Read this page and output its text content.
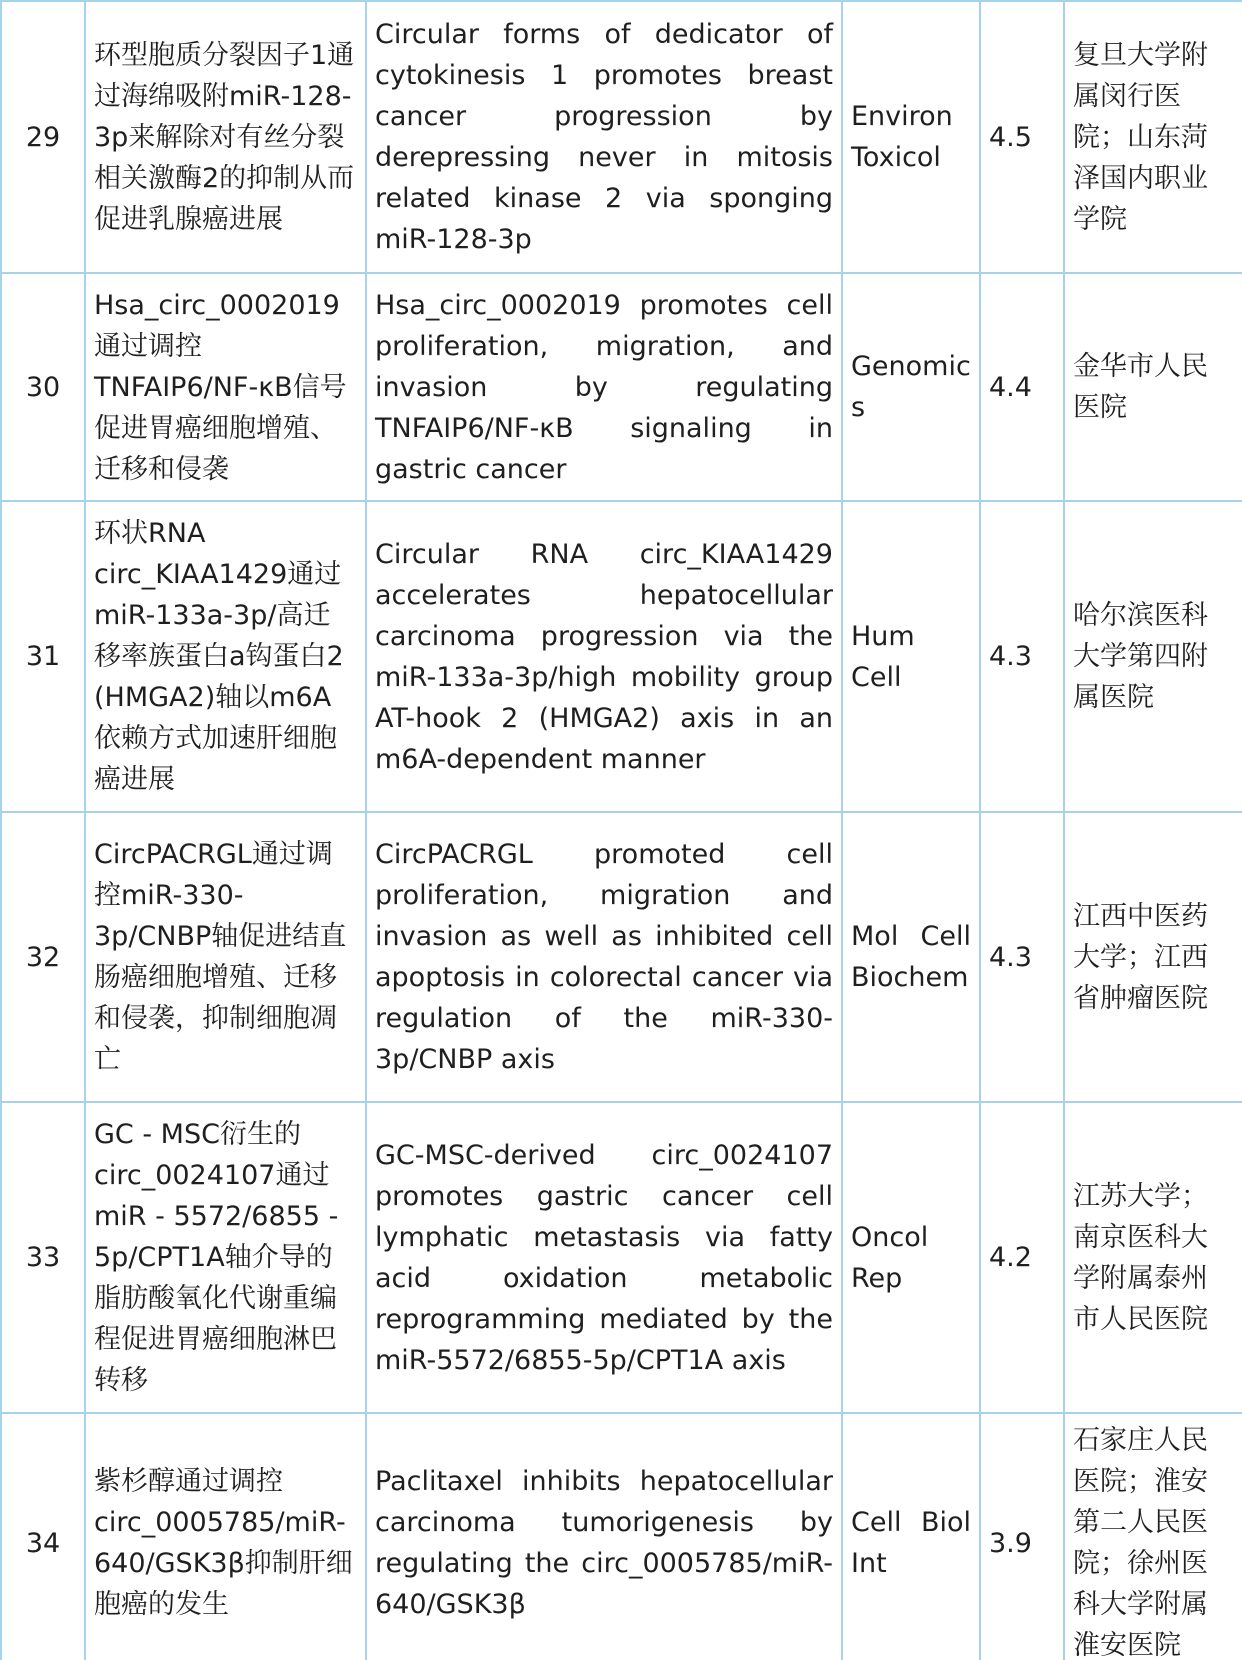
29	环型胞质分裂因子1通过海绵吸附miR-128-3p来解除对有丝分裂相关激酶2的抑制从而促进乳腺癌进展	Circular forms of dedicator of cytokinesis 1 promotes breast cancer progression by derepressing never in mitosis related kinase 2 via sponging miR-128-3p	Environ Toxicol	4.5	复旦大学附属闵行医院；山东菏泽国内职业学院
30	Hsa_circ_0002019通过调控TNFAIP6/NF-κB信号促进胃癌细胞增殖、迁移和侵袭	Hsa_circ_0002019 promotes cell proliferation, migration, and invasion by regulating TNFAIP6/NF-κB signaling in gastric cancer	Genomics	4.4	金华市人民医院
31	环状RNA circ_KIAA1429通过miR-133a-3p/高迁移率族蛋白a钩蛋白2 (HMGA2)轴以m6A依赖方式加速肝细胞癌进展	Circular RNA circ_KIAA1429 accelerates hepatocellular carcinoma progression via the miR-133a-3p/high mobility group AT-hook 2 (HMGA2) axis in an m6A-dependent manner	Hum Cell	4.3	哈尔滨医科大学第四附属医院
32	CircPACRGL通过调控miR-330-3p/CNBP轴促进结直肠癌细胞增殖、迁移和侵袭，抑制细胞凋亡	CircPACRGL promoted cell proliferation, migration and invasion as well as inhibited cell apoptosis in colorectal cancer via regulation of the miR-330-3p/CNBP axis	Mol Cell Biochem	4.3	江西中医药大学；江西省肿瘤医院
33	GC - MSC衍生的circ_0024107通过miR - 5572/6855 - 5p/CPT1A轴介导的脂肪酸氧化代谢重编程促进胃癌细胞淋巴转移	GC-MSC-derived circ_0024107 promotes gastric cancer cell lymphatic metastasis via fatty acid oxidation metabolic reprogramming mediated by the miR-5572/6855-5p/CPT1A axis	Oncol Rep	4.2	江苏大学；南京医科大学附属泰州市人民医院
34	紫杉醇通过调控circ_0005785/miR-640/GSK3β抑制肝细胞癌的发生	Paclitaxel inhibits hepatocellular carcinoma tumorigenesis by regulating the circ_0005785/miR-640/GSK3β	Cell Biol Int	3.9	石家庄人民医院；淮安第二人民医院；徐州医科大学附属淮安医院
